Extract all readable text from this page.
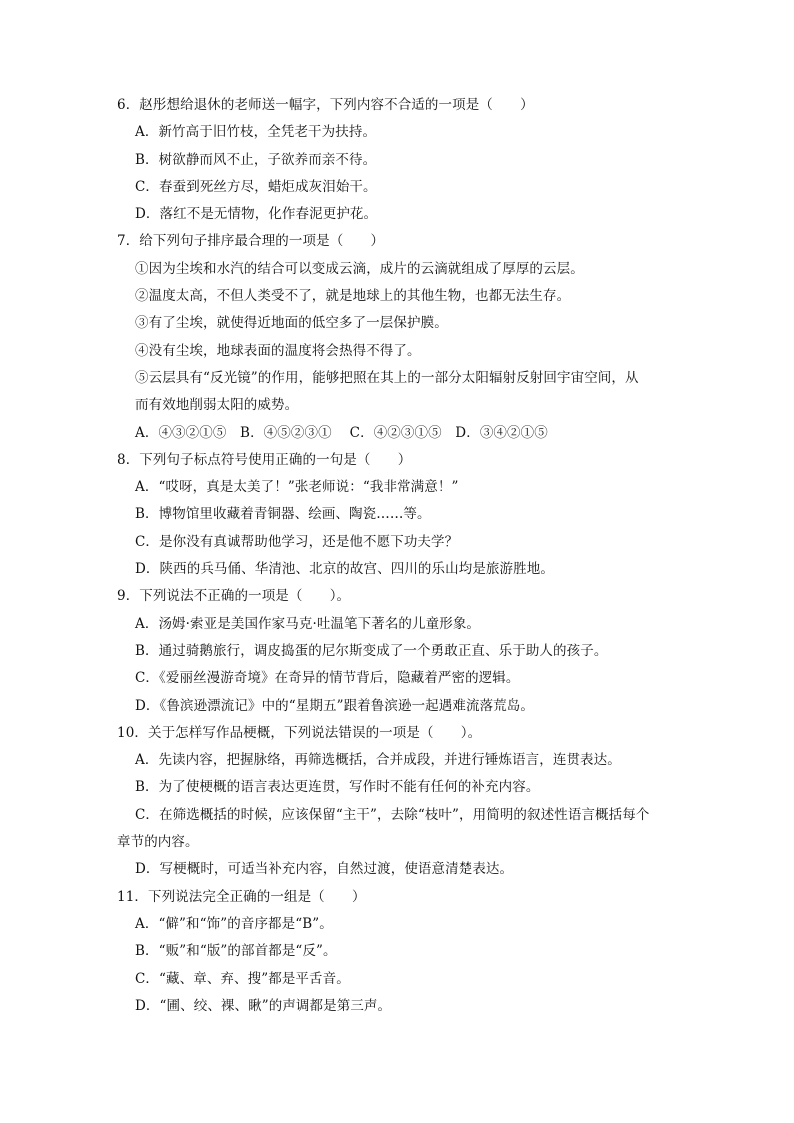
6．赵彤想给退休的老师送一幅字，下列内容不合适的一项是（　　）
A．新竹高于旧竹枝，全凭老干为扶持。
B．树欲静而风不止，子欲养而亲不待。
C．春蚕到死丝方尽，蜡炬成灰泪始干。
D．落红不是无情物，化作春泥更护花。
7．给下列句子排序最合理的一项是（　　）
①因为尘埃和水汽的结合可以变成云滴，成片的云滴就组成了厚厚的云层。
②温度太高，不但人类受不了，就是地球上的其他生物，也都无法生存。
③有了尘埃，就使得近地面的低空多了一层保护膜。
④没有尘埃，地球表面的温度将会热得不得了。
⑤云层具有“反光镜”的作用，能够把照在其上的一部分太阳辐射反射回宇宙空间，从
而有效地削弱太阳的威势。
A．④③②①⑤　B．④⑤②③①　 C．④②③①⑤　D．③④②①⑤
8．下列句子标点符号使用正确的一句是（　　）
A．“哎呀，真是太美了！”张老师说：“我非常满意！”
B．博物馆里收藏着青铜器、绘画、陶瓷……等。
C．是你没有真诚帮助他学习，还是他不愿下功夫学？
D．陕西的兵马俑、华清池、北京的故宫、四川的乐山均是旅游胜地。
9．下列说法不正确的一项是（　　）。
A．汤姆·索亚是美国作家马克·吐温笔下著名的儿童形象。
B．通过骑鹅旅行，调皮捣蛋的尼尔斯变成了一个勇敢正直、乐于助人的孩子。
C．《爱丽丝漫游奇境》在奇异的情节背后，隐藏着严密的逻辑。
D．《鲁滨逊漂流记》中的“星期五”跟着鲁滨逊一起遇难流落荒岛。
10．关于怎样写作品梗概，下列说法错误的一项是（　　）。
A．先读内容，把握脉络，再筛选概括，合并成段，并进行锤炼语言，连贯表达。
B．为了使梗概的语言表达更连贯，写作时不能有任何的补充内容。
C．在筛选概括的时候，应该保留“主干”，去除“枝叶”，用简明的叙述性语言概括每个
章节的内容。
D．写梗概时，可适当补充内容，自然过渡，使语意清楚表达。
11．下列说法完全正确的一组是（　　）
A．“僻”和“饰”的音序都是“B”。
B．“贩”和“版”的部首都是“反”。
C．“藏、章、弃、搜”都是平舌音。
D．“圃、绞、裸、瞅”的声调都是第三声。
